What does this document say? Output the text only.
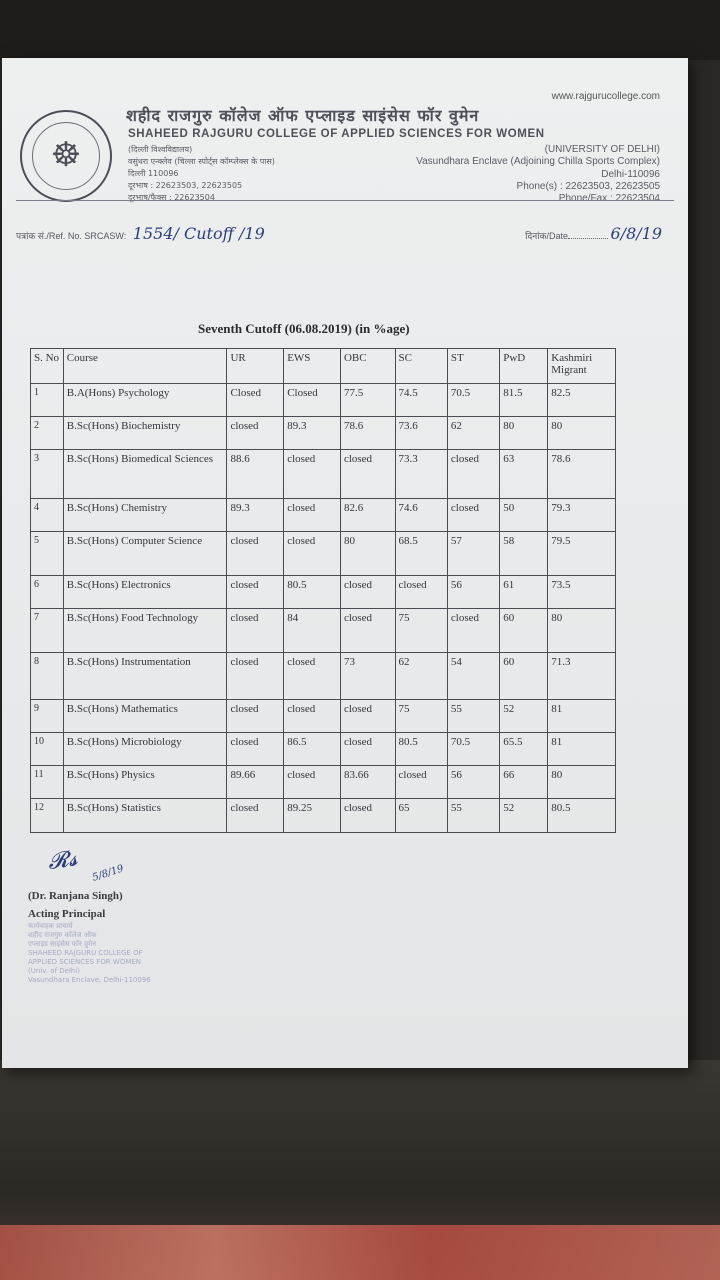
☸
www.rajgurucollege.com
शहीद राजगुरु कॉलेज ऑफ एप्लाइड साइंसेस फॉर वुमेन
SHAHEED RAJGURU COLLEGE OF APPLIED SCIENCES FOR WOMEN
(दिल्ली विश्वविद्यालय)
वसुंधरा एन्क्लेव (चिल्ला स्पोर्ट्स कॉम्प्लेक्स के पास)
दिल्ली 110096
दूरभाष : 22623503, 22623505
दूरभाष/फैक्स : 22623504
(UNIVERSITY OF DELHI)
Vasundhara Enclave (Adjoining Chilla Sports Complex)
Delhi-110096
Phone(s) : 22623503, 22623505
Phone/Fax : 22623504
पत्रांक सं./Ref. No. SRCASW: 1554/ Cutoff /19	दिनांक/Date	6/8/19
Seventh Cutoff (06.08.2019) (in %age)
S. No	Course	UR	EWS	OBC	SC	ST	PwD	Kashmiri Migrant
1	B.A(Hons) Psychology	Closed	Closed	77.5	74.5	70.5	81.5	82.5
2	B.Sc(Hons) Biochemistry	closed	89.3	78.6	73.6	62	80	80
3	B.Sc(Hons) Biomedical Sciences	88.6	closed	closed	73.3	closed	63	78.6
4	B.Sc(Hons) Chemistry	89.3	closed	82.6	74.6	closed	50	79.3
5	B.Sc(Hons) Computer Science	closed	closed	80	68.5	57	58	79.5
6	B.Sc(Hons) Electronics	closed	80.5	closed	closed	56	61	73.5
7	B.Sc(Hons) Food Technology	closed	84	closed	75	closed	60	80
8	B.Sc(Hons) Instrumentation	closed	closed	73	62	54	60	71.3
9	B.Sc(Hons) Mathematics	closed	closed	closed	75	55	52	81
10	B.Sc(Hons) Microbiology	closed	86.5	closed	80.5	70.5	65.5	81
11	B.Sc(Hons) Physics	89.66	closed	83.66	closed	56	66	80
12	B.Sc(Hons) Statistics	closed	89.25	closed	65	55	52	80.5
𝓡𝓼 5/8/19
(Dr. Ranjana Singh)
Acting Principal
कार्यवाहक प्राचार्य
शहीद राजगुरु कॉलेज ऑफ
एप्लाइड साइंसेस फॉर वुमेन
SHAHEED RAJGURU COLLEGE OF
APPLIED SCIENCES FOR WOMEN
(Univ. of Delhi)
Vasundhara Enclave, Delhi-110096
